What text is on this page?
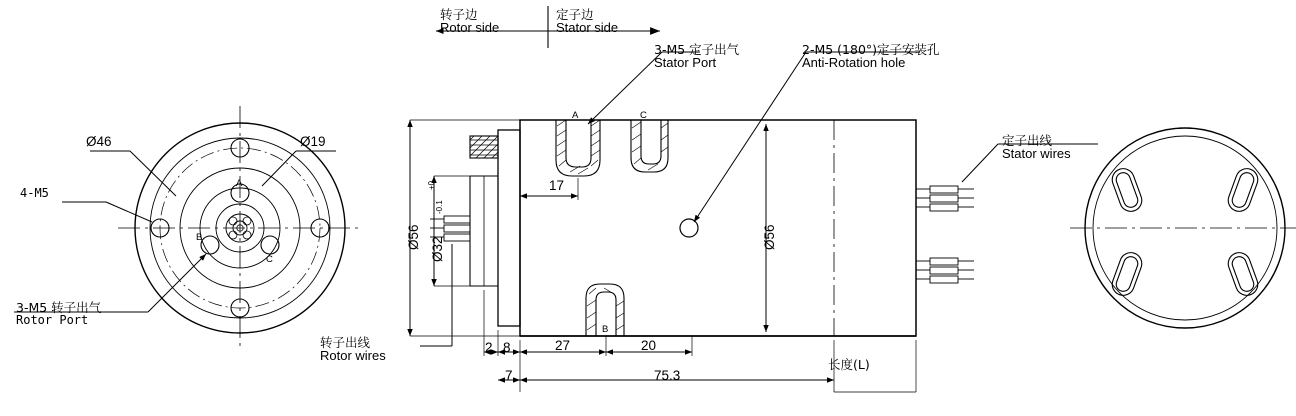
转子边
Rotor side
定子边
Stator side
3-M5 定子出气
Stator Port
2-M5 (180°)定子安装孔
Anti-Rotation hole
定子出线
Stator wires
3-M5 转子出气
Rotor Port
转子出线
Rotor wires
长度(L)
Ø46	Ø19
4-M5
Ø56 Ø32
+0
-0.1
Ø56
17
2 8
7
27	20
75.3
A
B
C
A	C
B
